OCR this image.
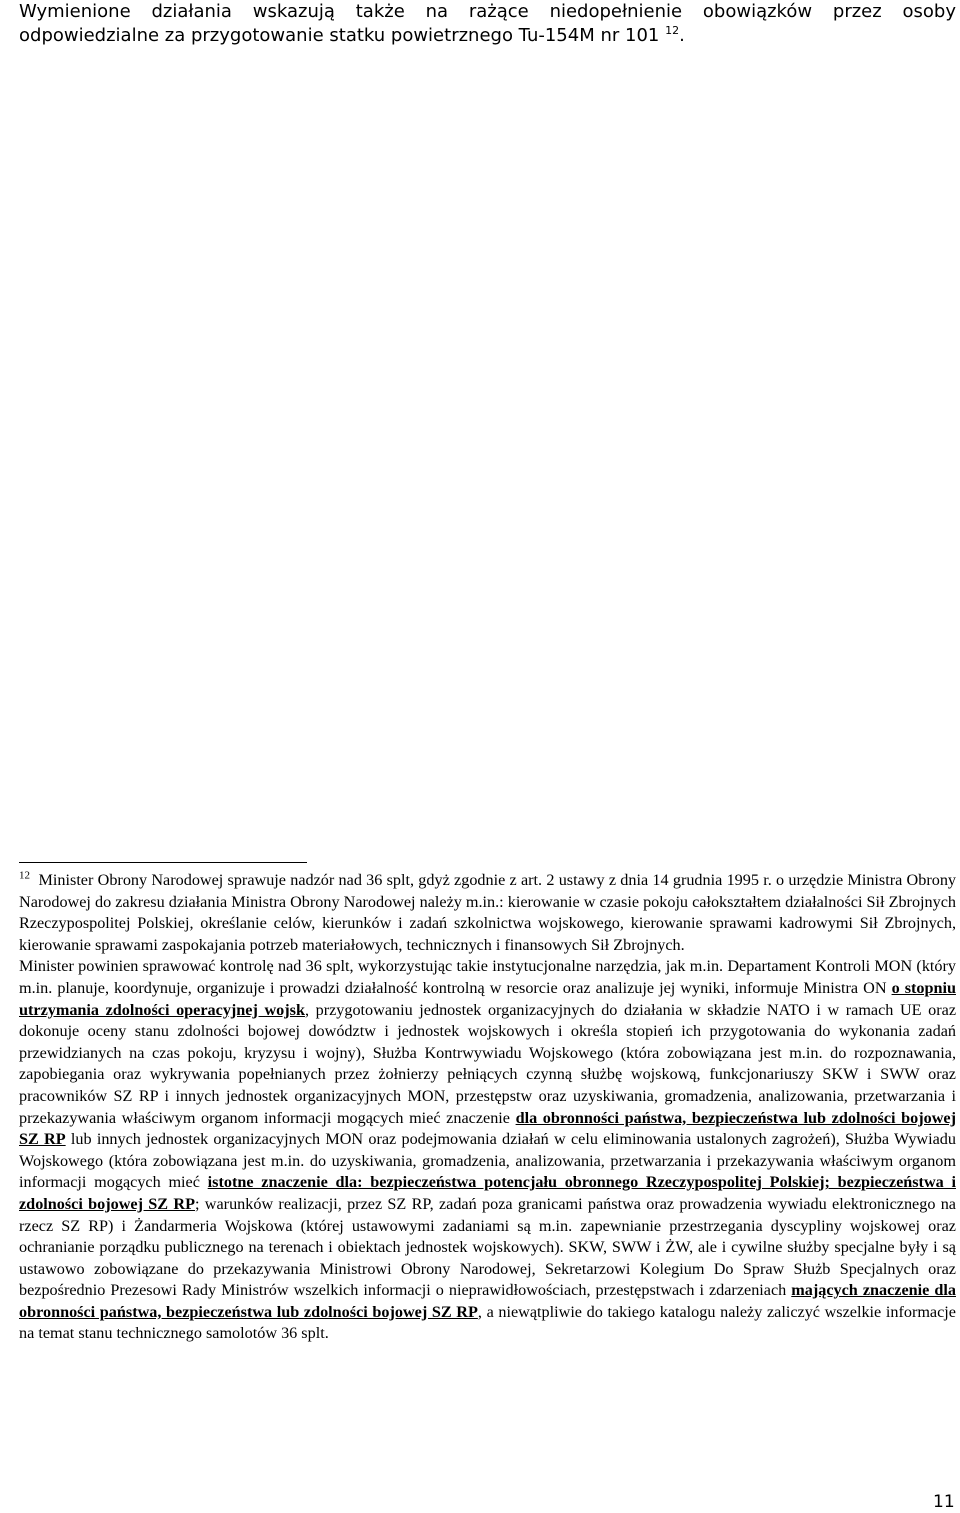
Wymienione działania wskazują także na rażące niedopełnienie obowiązków przez osoby odpowiedzialne za przygotowanie statku powietrznego Tu-154M nr 101 $^{12}$.

$^{12}$ Minister Obrony Narodowej sprawuje nadzór nad 36 splt, gdyż zgodnie z art. 2 ustawy z dnia 14 grudnia 1995 r. o urzędzie Ministra Obrony Narodowej do zakresu działania Ministra Obrony Narodowej należy m.in.: kierowanie w czasie pokoju całokształtem działalności Sił Zbrojnych Rzeczypospolitej Polskiej, określanie celów, kierunków i zadań szkolnictwa wojskowego, kierowanie sprawami kadrowymi Sił Zbrojnych, kierowanie sprawami zaspokajania potrzeb materiałowych, technicznych i finansowych Sił Zbrojnych.

Minister powinien sprawować kontrolę nad 36 splt, wykorzystując takie instytucjonalne narzędzia, jak m.in. Departament Kontroli MON (który m.in. planuje, koordynuje, organizuje i prowadzi działalność kontrolną w resorcie oraz analizuje jej wyniki, informuje Ministra ON o stopniu utrzymania zdolności operacyjnej wojsk, przygotowaniu jednostek organizacyjnych do działania w składzie NATO i w ramach UE oraz dokonuje oceny stanu zdolności bojowej dowództw i jednostek wojskowych i określa stopień ich przygotowania do wykonania zadań przewidzianych na czas pokoju, kryzysu i wojny), Służba Kontrwywiadu Wojskowego (która zobowiązana jest m.in. do rozpoznawania, zapobiegania oraz wykrywania popełnianych przez żołnierzy pełniących czynną służbę wojskową, funkcjonariuszy SKW i SWW oraz pracowników SZ RP i innych jednostek organizacyjnych MON, przestępstw oraz uzyskiwania, gromadzenia, analizowania, przetwarzania i przekazywania właściwym organom informacji mogących mieć znaczenie dla obronności państwa, bezpieczeństwa lub zdolności bojowej SZ RP lub innych jednostek organizacyjnych MON oraz podejmowania działań w celu eliminowania ustalonych zagrożeń), Służba Wywiadu Wojskowego (która zobowiązana jest m.in. do uzyskiwania, gromadzenia, analizowania, przetwarzania i przekazywania właściwym organom informacji mogących mieć istotne znaczenie dla: bezpieczeństwa potencjału obronnego Rzeczypospolitej Polskiej; bezpieczeństwa i zdolności bojowej SZ RP; warunków realizacji, przez SZ RP, zadań poza granicami państwa oraz prowadzenia wywiadu elektronicznego na rzecz SZ RP) i Żandarmeria Wojskowa (której ustawowymi zadaniami są m.in. zapewnianie przestrzegania dyscypliny wojskowej oraz ochranianie porządku publicznego na terenach i obiektach jednostek wojskowych). SKW, SWW i ŻW, ale i cywilne służby specjalne były i są ustawowo zobowiązane do przekazywania Ministrowi Obrony Narodowej, Sekretarzowi Kolegium Do Spraw Służb Specjalnych oraz bezpośrednio Prezesowi Rady Ministrów wszelkich informacji o nieprawidłowościach, przestępstwach i zdarzeniach mających znaczenie dla obronności państwa, bezpieczeństwa lub zdolności bojowej SZ RP, a niewątpliwie do takiego katalogu należy zaliczyć wszelkie informacje na temat stanu technicznego samolotów 36 splt.

11
